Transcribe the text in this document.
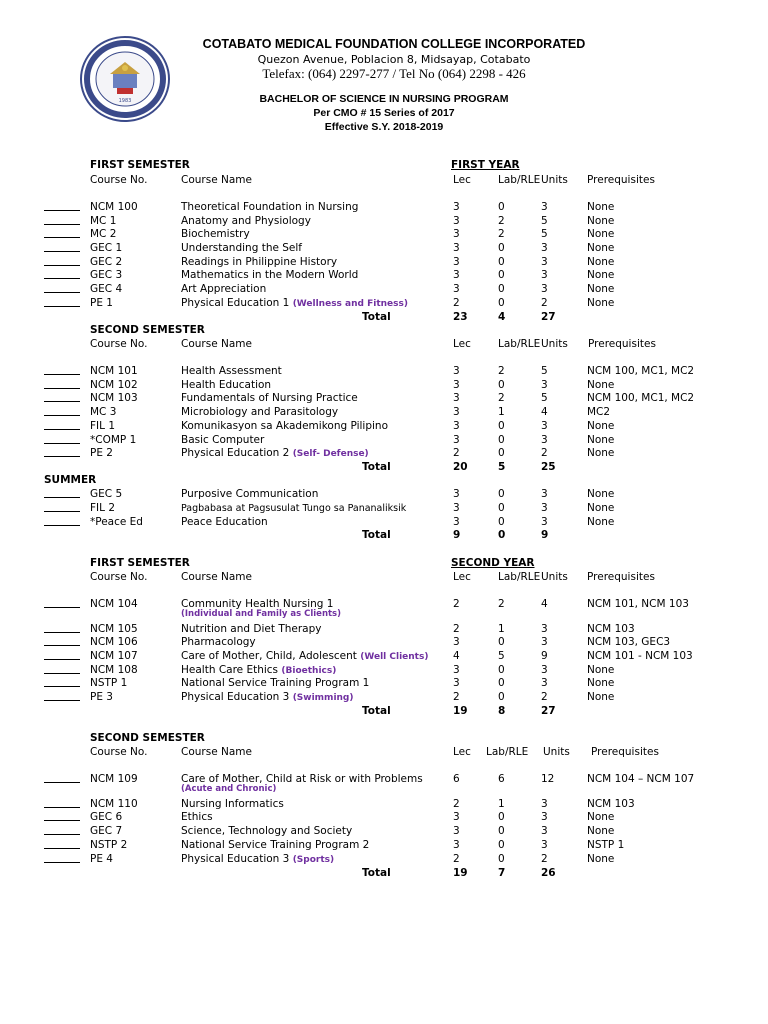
1983
COTABATO MEDICAL FOUNDATION COLLEGE INCORPORATED
Quezon Avenue, Poblacion 8, Midsayap, Cotabato
Telefax: (064) 2297-277 / Tel No (064) 2298 - 426
BACHELOR OF SCIENCE IN NURSING PROGRAM
Per CMO # 15 Series of 2017
Effective S.Y. 2018-2019
FIRST SEMESTER	FIRST YEAR
Course No.	Course Name	Lec	Lab/RLE Units Prerequisites
NCM 100	Theoretical Foundation in Nursing	3	0	3	None
MC 1	Anatomy and Physiology	3	2	5	None
MC 2	Biochemistry	3	2	5	None
GEC 1	Understanding the Self	3	0	3	None
GEC 2	Readings in Philippine History	3	0	3	None
GEC 3	Mathematics in the Modern World	3	0	3	None
GEC 4	Art Appreciation	3	0	3	None
PE 1	Physical Education 1 (Wellness and Fitness)	2	0	2	None
Total	23	4	27
SECOND SEMESTER
Course No.	Course Name	Lec	Lab/RLE Units Prerequisites
NCM 101	Health Assessment	3	2	5	NCM 100, MC1, MC2
NCM 102	Health Education	3	0	3	None
NCM 103	Fundamentals of Nursing Practice	3	2	5	NCM 100, MC1, MC2
MC 3	Microbiology and Parasitology	3	1	4	MC2
FIL 1	Komunikasyon sa Akademikong Pilipino	3	0	3	None
*COMP 1	Basic Computer	3	0	3	None
PE 2	Physical Education 2 (Self- Defense)	2	0	2	None
Total	20	5	25
SUMMER
GEC 5	Purposive Communication	3	0	3	None
FIL 2	Pagbabasa at Pagsusulat Tungo sa Pananaliksik	3	0	3	None
*Peace Ed	Peace Education	3	0	3	None
Total	9	0	9
FIRST SEMESTER	SECOND YEAR
Course No.	Course Name	Lec	Lab/RLE Units Prerequisites
NCM 104	Community Health Nursing 1	2	2	4	NCM 101, NCM 103
(Individual and Family as Clients)
NCM 105	Nutrition and Diet Therapy	2	1	3	NCM 103
NCM 106	Pharmacology	3	0	3	NCM 103, GEC3
NCM 107	Care of Mother, Child, Adolescent (Well Clients) 4	5	9	NCM 101 - NCM 103
NCM 108	Health Care Ethics (Bioethics)	3	0	3	None
NSTP 1	National Service Training Program 1	3	0	3	None
PE 3	Physical Education 3 (Swimming)	2	0	2	None
Total	19	8	27
SECOND SEMESTER
Course No.	Course Name	Lec Lab/RLE Units Prerequisites
NCM 109	Care of Mother, Child at Risk or with Problems	6	6	12	NCM 104 – NCM 107
(Acute and Chronic)
NCM 110	Nursing Informatics	2	1	3	NCM 103
GEC 6	Ethics	3	0	3	None
GEC 7	Science, Technology and Society	3	0	3	None
NSTP 2	National Service Training Program 2	3	0	3	NSTP 1
PE 4	Physical Education 3 (Sports)	2	0	2	None
Total	19	7	26
